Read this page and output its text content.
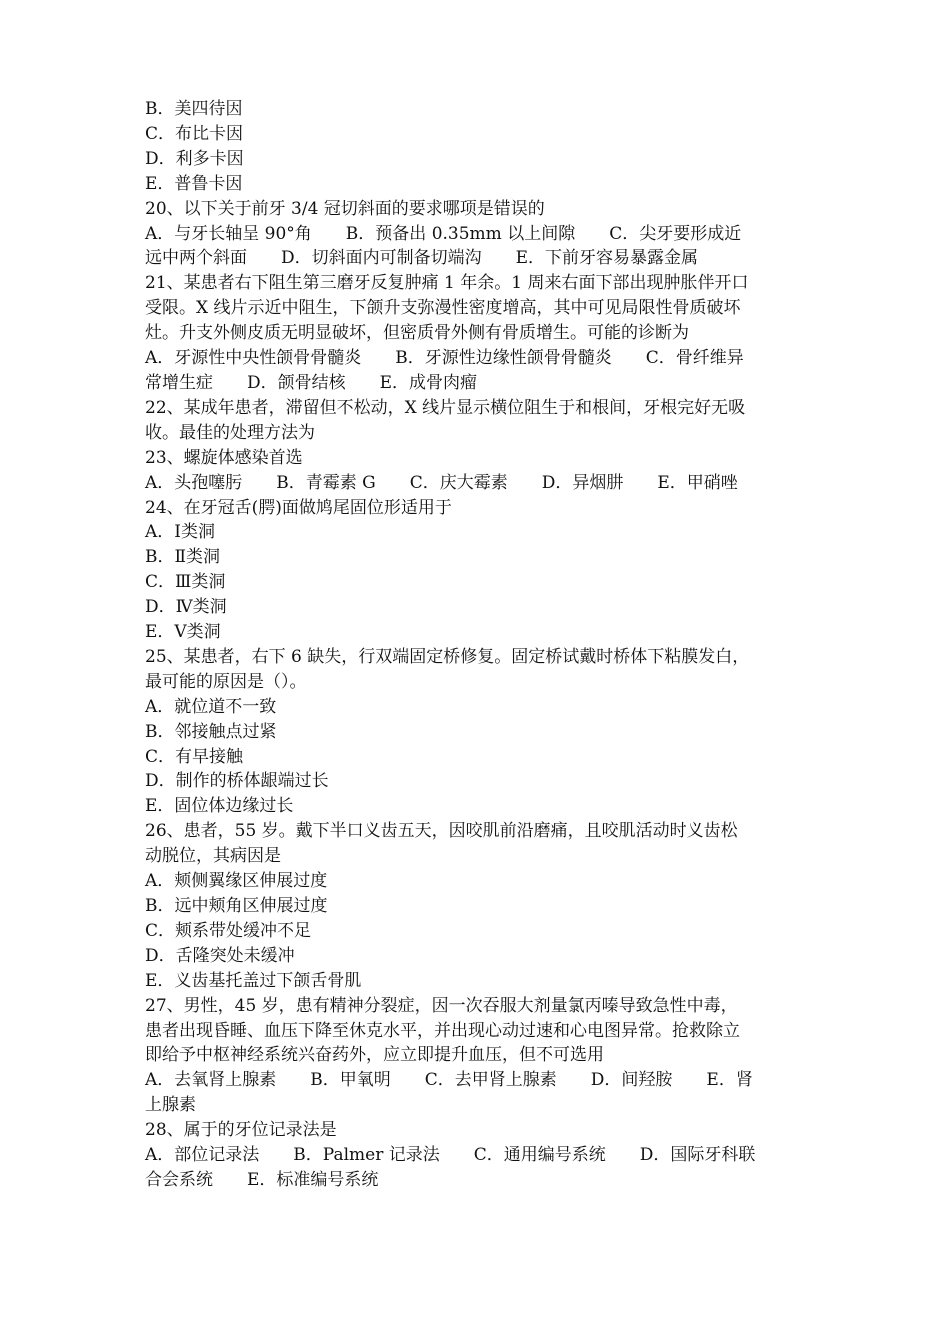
B．美四待因

C．布比卡因

D．利多卡因

E．普鲁卡因

20、以下关于前牙 3/4 冠切斜面的要求哪项是错误的

A．与牙长轴呈 90°角　　B．预备出 0.35mm 以上间隙　　C．尖牙要形成近

远中两个斜面　　D．切斜面内可制备切端沟　　E．下前牙容易暴露金属

21、某患者右下阻生第三磨牙反复肿痛 1 年余。1 周来右面下部出现肿胀伴开口

受限。X 线片示近中阻生，下颌升支弥漫性密度增高，其中可见局限性骨质破坏

灶。升支外侧皮质无明显破坏，但密质骨外侧有骨质增生。可能的诊断为

A．牙源性中央性颌骨骨髓炎　　B．牙源性边缘性颌骨骨髓炎　　C．骨纤维异

常增生症　　D．颌骨结核　　E．成骨肉瘤

22、某成年患者，滞留但不松动，X 线片显示横位阻生于和根间，牙根完好无吸

收。最佳的处理方法为

23、螺旋体感染首选

A．头孢噻肟　　B．青霉素 G　　C．庆大霉素　　D．异烟肼　　E．甲硝唑

24、在牙冠舌(腭)面做鸠尾固位形适用于

A．Ⅰ类洞

B．Ⅱ类洞

C．Ⅲ类洞

D．Ⅳ类洞

E．Ⅴ类洞

25、某患者，右下 6 缺失，行双端固定桥修复。固定桥试戴时桥体下粘膜发白，

最可能的原因是（）。

A．就位道不一致

B．邻接触点过紧

C．有早接触

D．制作的桥体龈端过长

E．固位体边缘过长

26、患者，55 岁。戴下半口义齿五天，因咬肌前沿磨痛，且咬肌活动时义齿松

动脱位，其病因是

A．颊侧翼缘区伸展过度

B．远中颊角区伸展过度

C．颊系带处缓冲不足

D．舌隆突处未缓冲

E．义齿基托盖过下颌舌骨肌

27、男性，45 岁，患有精神分裂症，因一次吞服大剂量氯丙嗪导致急性中毒，

患者出现昏睡、血压下降至休克水平，并出现心动过速和心电图异常。抢救除立

即给予中枢神经系统兴奋药外，应立即提升血压，但不可选用

A．去氧肾上腺素　　B．甲氧明　　C．去甲肾上腺素　　D．间羟胺　　E．肾

上腺素

28、属于的牙位记录法是

A．部位记录法　　B．Palmer 记录法　　C．通用编号系统　　D．国际牙科联

合会系统　　E．标准编号系统
